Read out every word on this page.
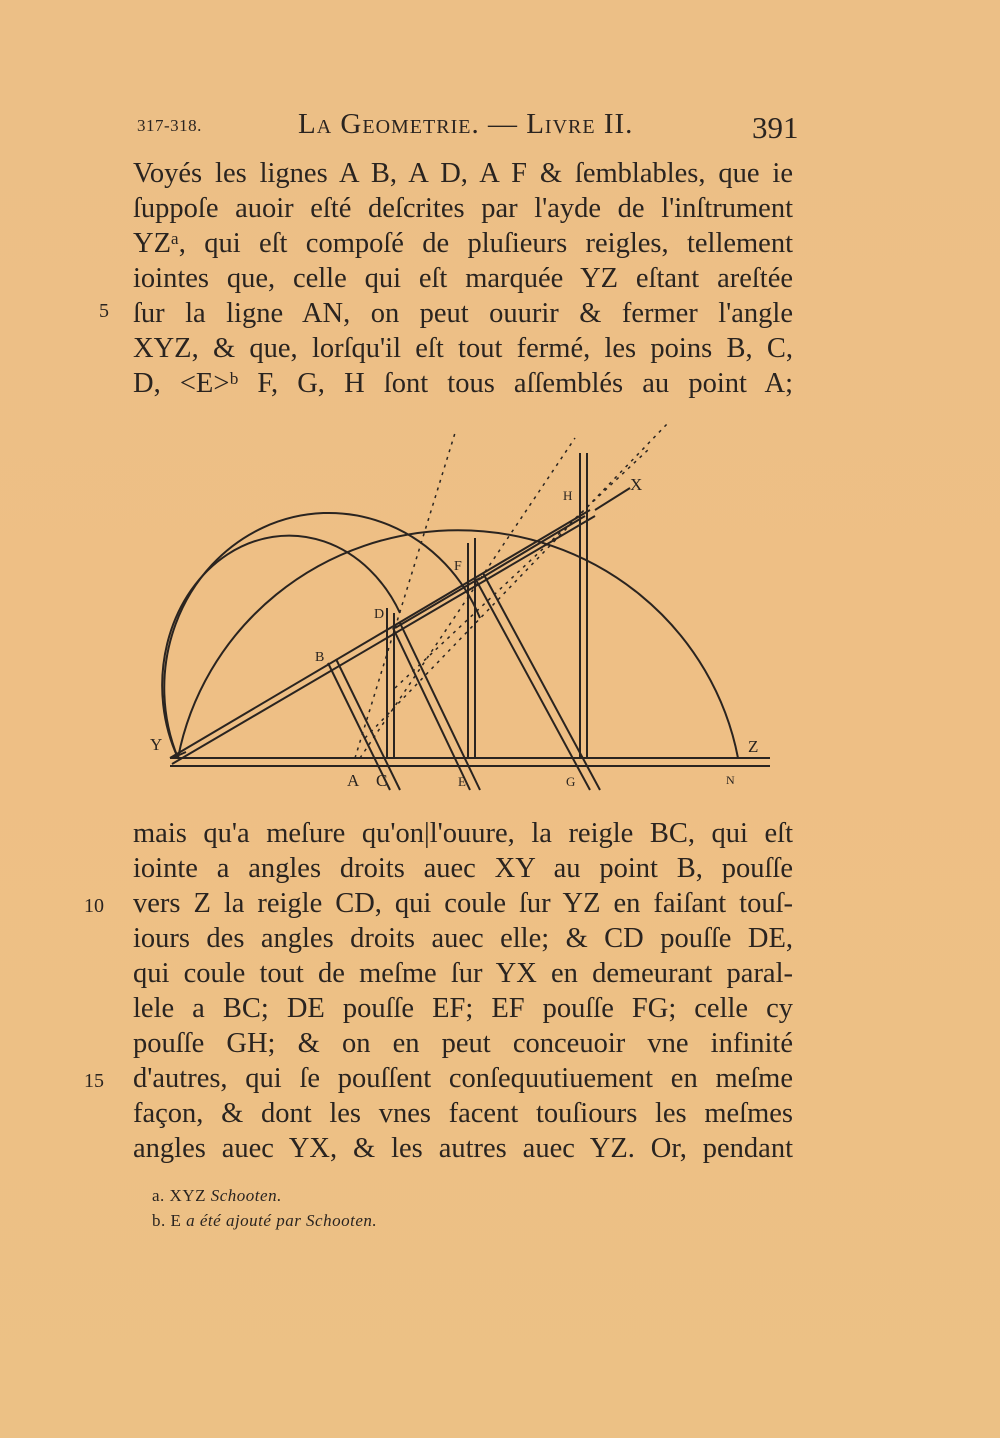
317-318.	La Geometrie. — Livre II.	391
Voyés les lignes A B, A D, A F & ſemblables, que ie
ſuppoſe auoir eſté deſcrites par l'ayde de l'inſtrument
YZᵃ, qui eſt compoſé de pluſieurs reigles, tellement
iointes que, celle qui eſt marquée YZ eſtant areſtée
ſur la ligne AN, on peut ouurir & fermer l'angle
XYZ, & que, lorſqu'il eſt tout fermé, les poins B, C,
D, <E>ᵇ F, G, H ſont tous aſſemblés au point A;
5
X
H
F
D
B
Y	Z
A C	E	G	N
mais qu'a meſure qu'on|l'ouure, la reigle BC, qui eſt
iointe a angles droits auec XY au point B, pouſſe
vers Z la reigle CD, qui coule ſur YZ en faiſant touſ-
iours des angles droits auec elle; & CD pouſſe DE,
qui coule tout de meſme ſur YX en demeurant paral-
lele a BC; DE pouſſe EF; EF pouſſe FG; celle cy
pouſſe GH; & on en peut conceuoir vne infinité
d'autres, qui ſe pouſſent conſequutiuement en meſme
façon, & dont les vnes facent touſiours les meſmes
angles auec YX, & les autres auec YZ. Or, pendant
10
15
a. XYZ Schooten.
b. E a été ajouté par Schooten.
